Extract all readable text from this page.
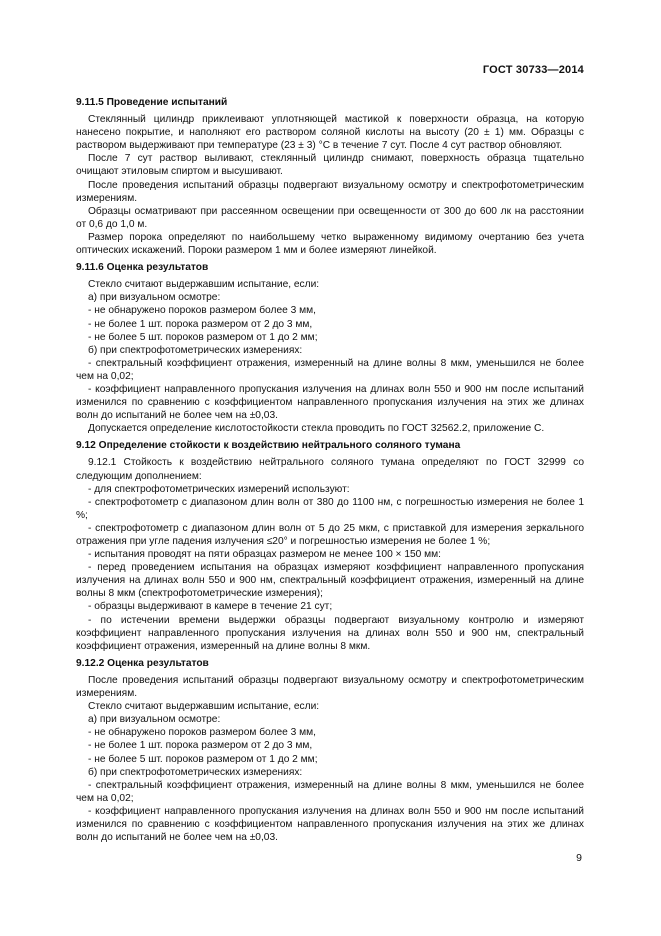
ГОСТ 30733—2014

9.11.5 Проведение испытаний

Стеклянный цилиндр приклеивают уплотняющей мастикой к поверхности образца, на которую нанесено покрытие, и наполняют его раствором соляной кислоты на высоту (20 ± 1) мм. Образцы с раствором выдерживают при температуре (23 ± 3) °С в течение 7 сут. После 4 сут раствор обновляют.

После 7 сут раствор выливают, стеклянный цилиндр снимают, поверхность образца тщательно очищают этиловым спиртом и высушивают.

После проведения испытаний образцы подвергают визуальному осмотру и спектрофотометрическим измерениям.

Образцы осматривают при рассеянном освещении при освещенности от 300 до 600 лк на расстоянии от 0,6 до 1,0 м.

Размер порока определяют по наибольшему четко выраженному видимому очертанию без учета оптических искажений. Пороки размером 1 мм и более измеряют линейкой.

9.11.6 Оценка результатов

Стекло считают выдержавшим испытание, если:

а) при визуальном осмотре:

- не обнаружено пороков размером более 3 мм,

- не более 1 шт. порока размером от 2 до 3 мм,

- не более 5 шт. пороков размером от 1 до 2 мм;

б) при спектрофотометрических измерениях:

- спектральный коэффициент отражения, измеренный на длине волны 8 мкм, уменьшился не более чем на 0,02;

- коэффициент направленного пропускания излучения на длинах волн 550 и 900 нм после испытаний изменился по сравнению с коэффициентом направленного пропускания излучения на этих же длинах волн до испытаний не более чем на ±0,03.

Допускается определение кислотостойкости стекла проводить по ГОСТ 32562.2, приложение С.

9.12 Определение стойкости к воздействию нейтрального соляного тумана

9.12.1 Стойкость к воздействию нейтрального соляного тумана определяют по ГОСТ 32999 со следующим дополнением:

- для спектрофотометрических измерений используют:

- спектрофотометр с диапазоном длин волн от 380 до 1100 нм, с погрешностью измерения не более 1 %;

- спектрофотометр с диапазоном длин волн от 5 до 25 мкм, с приставкой для измерения зеркального отражения при угле падения излучения ≤20° и погрешностью измерения не более 1 %;

- испытания проводят на пяти образцах размером не менее 100 × 150 мм:

- перед проведением испытания на образцах измеряют коэффициент направленного пропускания излучения на длинах волн 550 и 900 нм, спектральный коэффициент отражения, измеренный на длине волны 8 мкм (спектрофотометрические измерения);

- образцы выдерживают в камере в течение 21 сут;

- по истечении времени выдержки образцы подвергают визуальному контролю и измеряют коэффициент направленного пропускания излучения на длинах волн 550 и 900 нм, спектральный коэффициент отражения, измеренный на длине волны 8 мкм.

9.12.2 Оценка результатов

После проведения испытаний образцы подвергают визуальному осмотру и спектрофотометрическим измерениям.

Стекло считают выдержавшим испытание, если:

а) при визуальном осмотре:

- не обнаружено пороков размером более 3 мм,

- не более 1 шт. порока размером от 2 до 3 мм,

- не более 5 шт. пороков размером от 1 до 2 мм;

б) при спектрофотометрических измерениях:

- спектральный коэффициент отражения, измеренный на длине волны 8 мкм, уменьшился не более чем на 0,02;

- коэффициент направленного пропускания излучения на длинах волн 550 и 900 нм после испытаний изменился по сравнению с коэффициентом направленного пропускания излучения на этих же длинах волн до испытаний не более чем на ±0,03.

9
